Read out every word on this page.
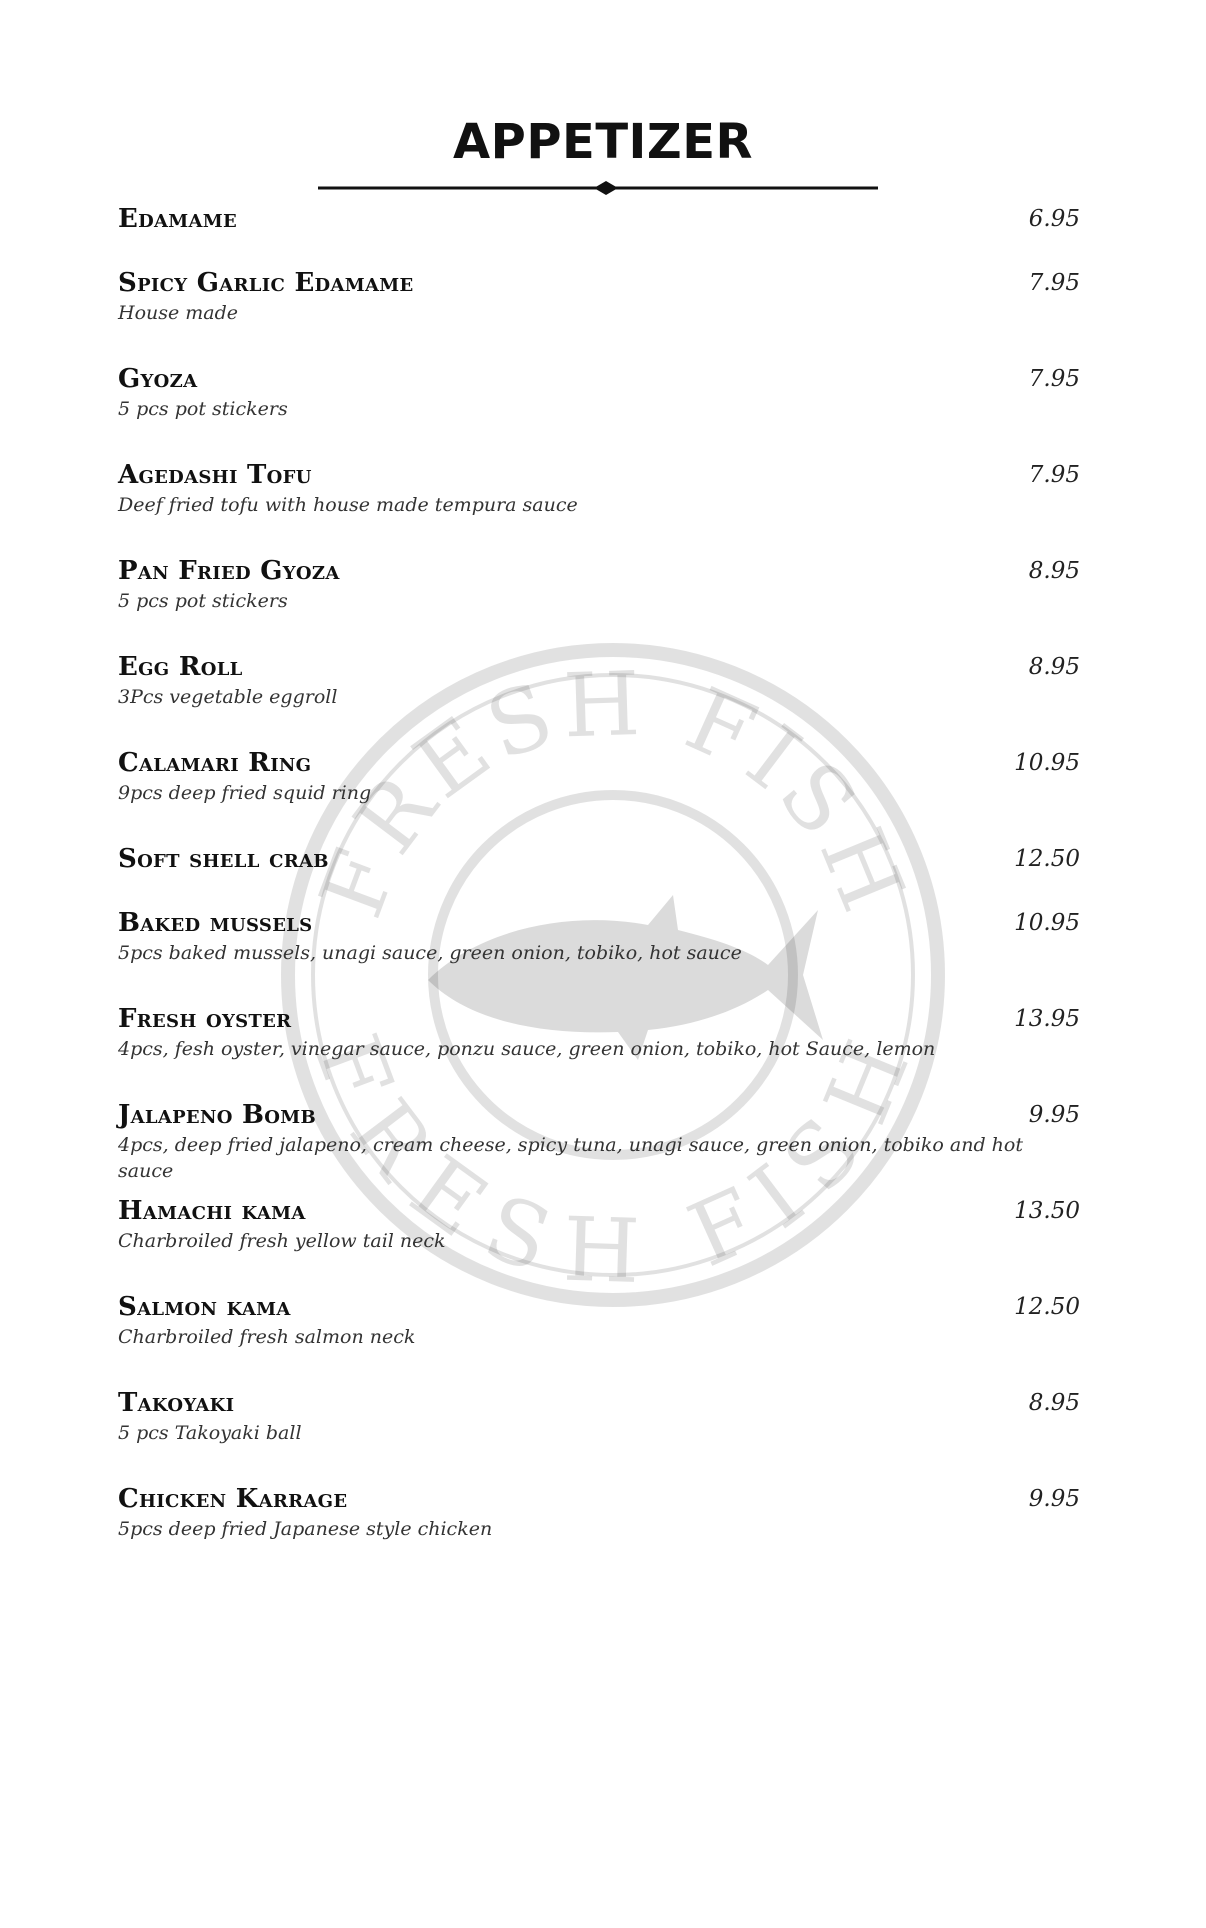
FRESH FISH
FRESH FISH
APPETIZER
Edamame	6.95
Spicy Garlic Edamame	7.95
House made
Gyoza	7.95
5 pcs pot stickers
Agedashi Tofu	7.95
Deef fried tofu with house made tempura sauce
Pan Fried Gyoza	8.95
5 pcs pot stickers
Egg Roll	8.95
3Pcs vegetable eggroll
Calamari Ring	10.95
9pcs deep fried squid ring
Soft shell crab	12.50
Baked mussels	10.95
5pcs baked mussels, unagi sauce, green onion, tobiko, hot sauce
Fresh oyster	13.95
4pcs, fesh oyster, vinegar sauce, ponzu sauce, green onion, tobiko, hot Sauce, lemon
Jalapeno Bomb	9.95
4pcs, deep fried jalapeno, cream cheese, spicy tuna, unagi sauce, green onion, tobiko and hot sauce
Hamachi kama	13.50
Charbroiled fresh yellow tail neck
Salmon kama	12.50
Charbroiled fresh salmon neck
Takoyaki	8.95
5 pcs Takoyaki ball
Chicken Karrage	9.95
5pcs deep fried Japanese style chicken
